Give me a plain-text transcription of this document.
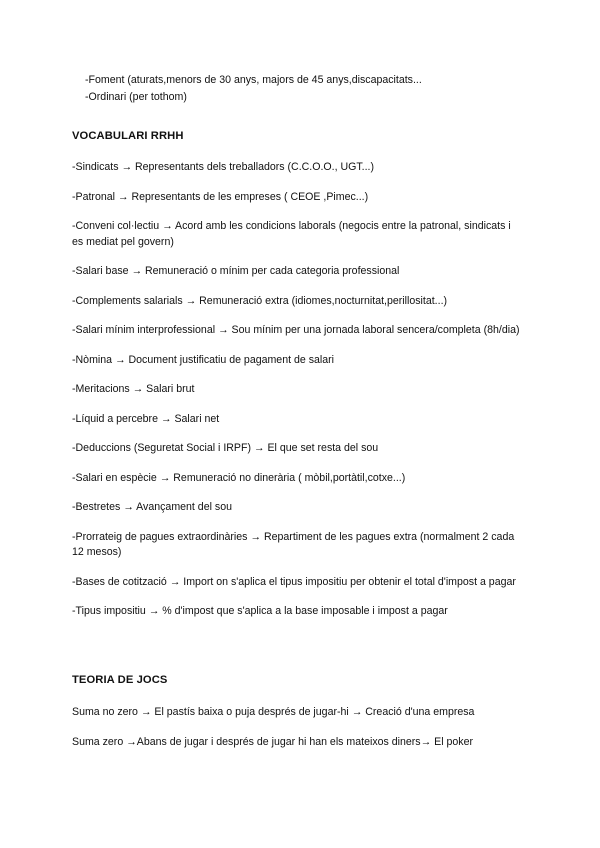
-Foment (aturats,menors de 30 anys, majors de 45 anys,discapacitats...
-Ordinari (per tothom)
VOCABULARI RRHH
-Sindicats → Representants dels treballadors (C.C.O.O., UGT...)
-Patronal → Representants de les empreses ( CEOE ,Pimec...)
-Conveni col·lectiu → Acord amb les condicions laborals (negocis entre la patronal, sindicats i es mediat pel govern)
-Salari base → Remuneració o mínim per cada categoria professional
-Complements salarials → Remuneració extra (idiomes,nocturnitat,perillositat...)
-Salari mínim interprofessional → Sou mínim per una jornada laboral sencera/completa (8h/dia)
-Nòmina → Document justificatiu de pagament de salari
-Meritacions → Salari brut
-Líquid a percebre → Salari net
-Deduccions (Seguretat Social i IRPF) → El que set resta del sou
-Salari en espècie → Remuneració no dinerària ( mòbil,portàtil,cotxe...)
-Bestretes → Avançament del sou
-Prorrateig de pagues extraordinàries → Repartiment de les pagues extra (normalment 2 cada 12 mesos)
-Bases de cotització → Import on s'aplica el tipus impositiu per obtenir el total d'impost a pagar
-Tipus impositiu → % d'impost que s'aplica a la base imposable i impost a pagar
TEORIA DE JOCS
Suma no zero → El pastís baixa o puja després de jugar-hi → Creació d'una empresa
Suma zero →Abans de jugar i després de jugar hi han els mateixos diners→ El poker
